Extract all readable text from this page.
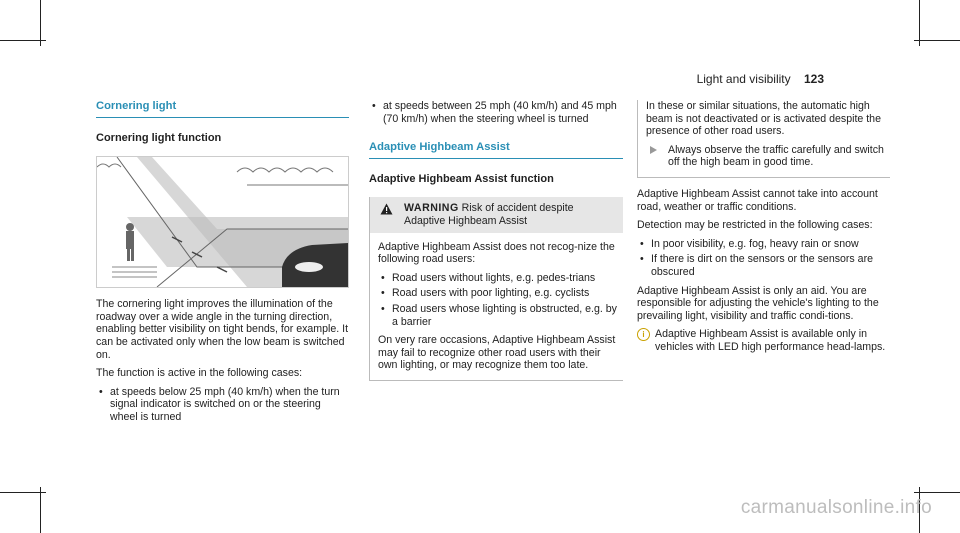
Light and visibility 123
Cornering light
Cornering light function

The cornering light improves the illumination of the roadway over a wide angle in the turning direction, enabling better visibility on tight bends, for example. It can be activated only when the low beam is switched on.

The function is active in the following cases:

• at speeds below 25 mph (40 km/h) when the turn signal indicator is switched on or the steering wheel is turned
• at speeds between 25 mph (40 km/h) and 45 mph (70 km/h) when the steering wheel is turned
Adaptive Highbeam Assist
Adaptive Highbeam Assist function
WARNING Risk of accident despite Adaptive Highbeam Assist

Adaptive Highbeam Assist does not recog-nize the following road users:

• Road users without lights, e.g. pedes-trians
• Road users with poor lighting, e.g. cyclists
• Road users whose lighting is obstructed, e.g. by a barrier

On very rare occasions, Adaptive Highbeam Assist may fail to recognize other road users with their own lighting, or may recognize them too late.

In these or similar situations, the automatic high beam is not deactivated or is activated despite the presence of other road users.

Always observe the traffic carefully and switch off the high beam in good time.

Adaptive Highbeam Assist cannot take into account road, weather or traffic conditions.

Detection may be restricted in the following cases:

• In poor visibility, e.g. fog, heavy rain or snow
• If there is dirt on the sensors or the sensors are obscured

Adaptive Highbeam Assist is only an aid. You are responsible for adjusting the vehicle's lighting to the prevailing light, visibility and traffic condi-tions.

i Adaptive Highbeam Assist is available only in vehicles with LED high performance head-lamps.
carmanualsonline.info
